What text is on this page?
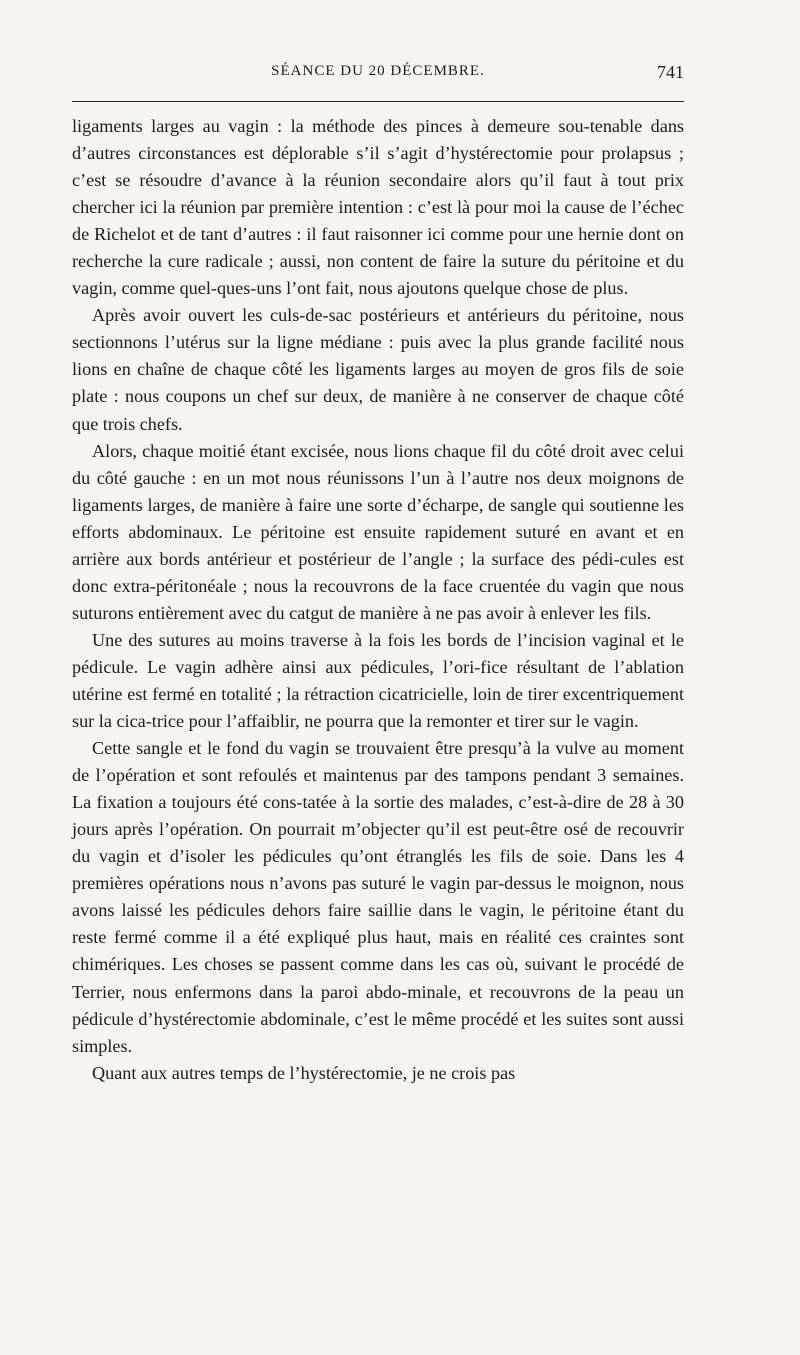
SÉANCE DU 20 DÉCEMBRE.	741

ligaments larges au vagin : la méthode des pinces à demeure sou-tenable dans d’autres circonstances est déplorable s’il s’agit d’hystérectomie pour prolapsus ; c’est se résoudre d’avance à la réunion secondaire alors qu’il faut à tout prix chercher ici la réunion par première intention : c’est là pour moi la cause de l’échec de Richelot et de tant d’autres : il faut raisonner ici comme pour une hernie dont on recherche la cure radicale ; aussi, non content de faire la suture du péritoine et du vagin, comme quel-ques-uns l’ont fait, nous ajoutons quelque chose de plus.

Après avoir ouvert les culs-de-sac postérieurs et antérieurs du péritoine, nous sectionnons l’utérus sur la ligne médiane : puis avec la plus grande facilité nous lions en chaîne de chaque côté les ligaments larges au moyen de gros fils de soie plate : nous coupons un chef sur deux, de manière à ne conserver de chaque côté que trois chefs.

Alors, chaque moitié étant excisée, nous lions chaque fil du côté droit avec celui du côté gauche : en un mot nous réunissons l’un à l’autre nos deux moignons de ligaments larges, de manière à faire une sorte d’écharpe, de sangle qui soutienne les efforts abdominaux. Le péritoine est ensuite rapidement suturé en avant et en arrière aux bords antérieur et postérieur de l’angle ; la surface des pédi-cules est donc extra-péritonéale ; nous la recouvrons de la face cruentée du vagin que nous suturons entièrement avec du catgut de manière à ne pas avoir à enlever les fils.

Une des sutures au moins traverse à la fois les bords de l’incision vaginal et le pédicule. Le vagin adhère ainsi aux pédicules, l’ori-fice résultant de l’ablation utérine est fermé en totalité ; la rétraction cicatricielle, loin de tirer excentriquement sur la cica-trice pour l’affaiblir, ne pourra que la remonter et tirer sur le vagin.

Cette sangle et le fond du vagin se trouvaient être presqu’à la vulve au moment de l’opération et sont refoulés et maintenus par des tampons pendant 3 semaines. La fixation a toujours été cons-tatée à la sortie des malades, c’est-à-dire de 28 à 30 jours après l’opération. On pourrait m’objecter qu’il est peut-être osé de recouvrir du vagin et d’isoler les pédicules qu’ont étranglés les fils de soie. Dans les 4 premières opérations nous n’avons pas suturé le vagin par-dessus le moignon, nous avons laissé les pédicules dehors faire saillie dans le vagin, le péritoine étant du reste fermé comme il a été expliqué plus haut, mais en réalité ces craintes sont chimériques. Les choses se passent comme dans les cas où, suivant le procédé de Terrier, nous enfermons dans la paroi abdo-minale, et recouvrons de la peau un pédicule d’hystérectomie abdominale, c’est le même procédé et les suites sont aussi simples.

Quant aux autres temps de l’hystérectomie, je ne crois pas
